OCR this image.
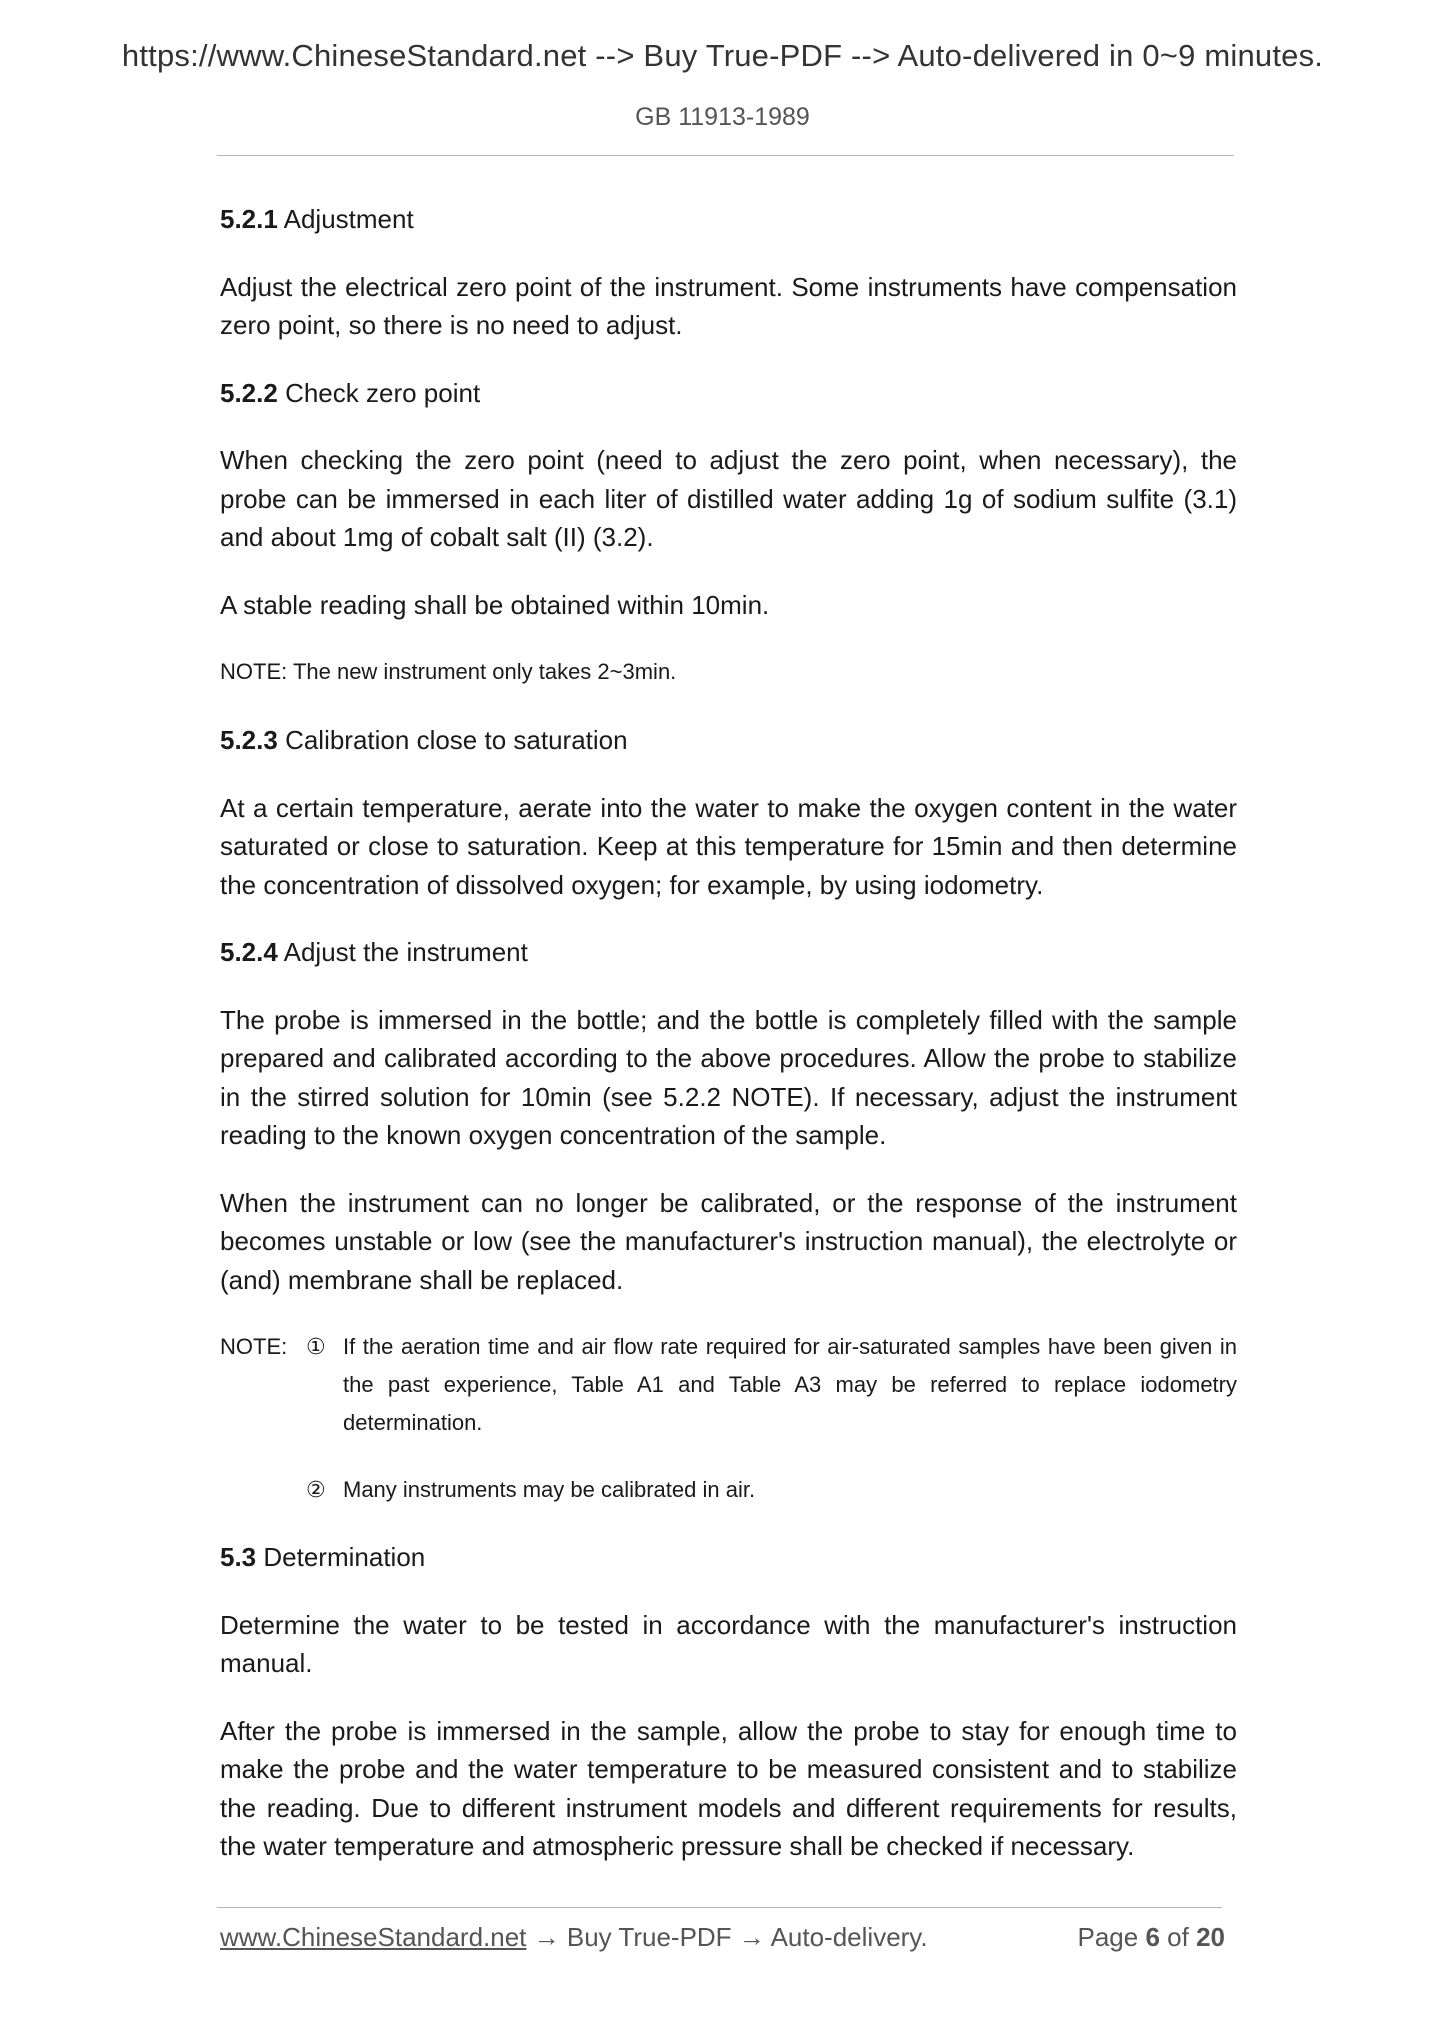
https://www.ChineseStandard.net --> Buy True-PDF --> Auto-delivered in 0~9 minutes.
GB 11913-1989

5.2.1 Adjustment

Adjust the electrical zero point of the instrument. Some instruments have compensation zero point, so there is no need to adjust.

5.2.2 Check zero point

When checking the zero point (need to adjust the zero point, when necessary), the probe can be immersed in each liter of distilled water adding 1g of sodium sulfite (3.1) and about 1mg of cobalt salt (II) (3.2).

A stable reading shall be obtained within 10min.

NOTE: The new instrument only takes 2~3min.

5.2.3 Calibration close to saturation

At a certain temperature, aerate into the water to make the oxygen content in the water saturated or close to saturation. Keep at this temperature for 15min and then determine the concentration of dissolved oxygen; for example, by using iodometry.

5.2.4 Adjust the instrument

The probe is immersed in the bottle; and the bottle is completely filled with the sample prepared and calibrated according to the above procedures. Allow the probe to stabilize in the stirred solution for 10min (see 5.2.2 NOTE). If necessary, adjust the instrument reading to the known oxygen concentration of the sample.

When the instrument can no longer be calibrated, or the response of the instrument becomes unstable or low (see the manufacturer's instruction manual), the electrolyte or (and) membrane shall be replaced.

NOTE: ① If the aeration time and air flow rate required for air-saturated samples have been given in the past experience, Table A1 and Table A3 may be referred to replace iodometry determination.
② Many instruments may be calibrated in air.

5.3 Determination

Determine the water to be tested in accordance with the manufacturer's instruction manual.

After the probe is immersed in the sample, allow the probe to stay for enough time to make the probe and the water temperature to be measured consistent and to stabilize the reading. Due to different instrument models and different requirements for results, the water temperature and atmospheric pressure shall be checked if necessary.

www.ChineseStandard.net → Buy True-PDF → Auto-delivery.	Page 6 of 20
